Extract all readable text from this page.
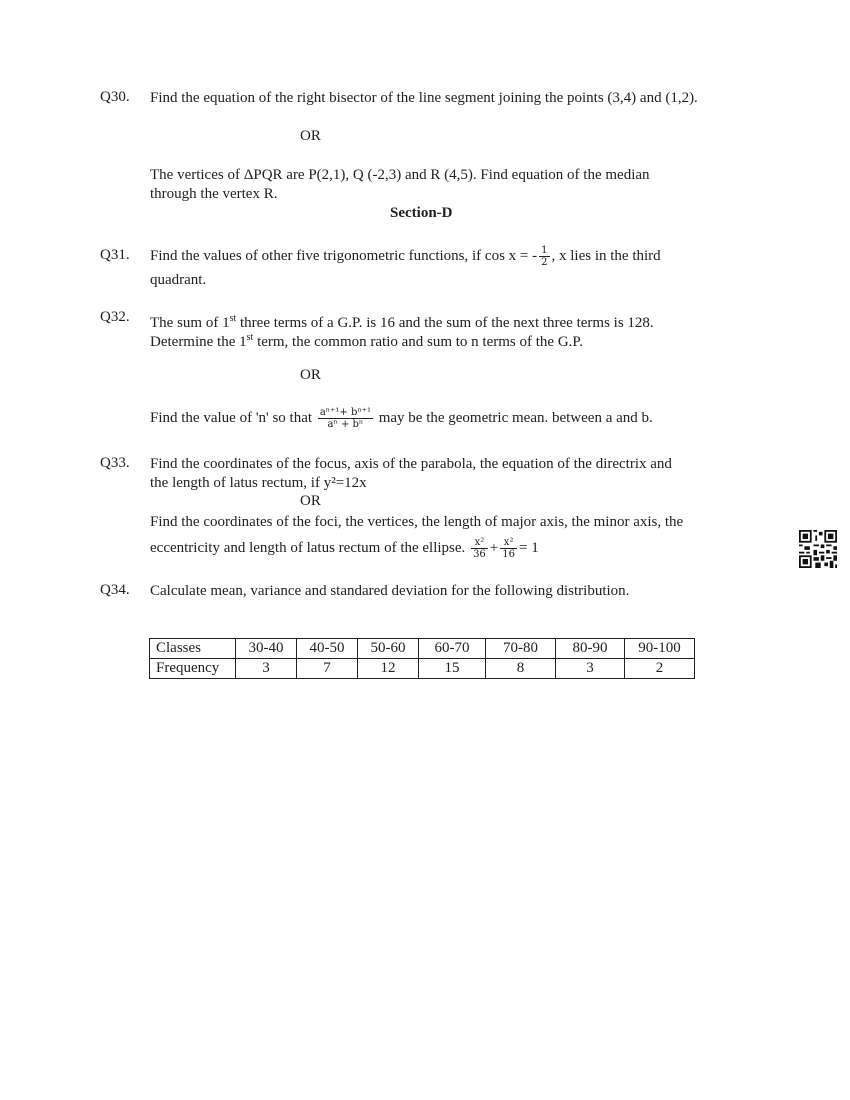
Q30. Find the equation of the right bisector of the line segment joining the points (3,4) and (1,2).
OR
The vertices of ΔPQR are P(2,1), Q (-2,3) and R (4,5). Find equation of the median
through the vertex R.
Section-D
Q31. Find the values of other five trigonometric functions, if cos x = - $\frac{1}{2}$ , x lies in the third
quadrant.
Q32. The sum of 1st three terms of a G.P. is 16 and the sum of the next three terms is 128.
Determine the 1st term, the common ratio and sum to n terms of the G.P.
OR
Find the value of 'n' so that $\frac{\text{aⁿ⁺¹+ bⁿ⁺¹}}{\text{aⁿ + bⁿ}}$ may be the geometric mean. between a and b.
Q33. Find the coordinates of the focus, axis of the parabola, the equation of the directrix and
the length of latus rectum, if y²=12x
OR
Find the coordinates of the foci, the vertices, the length of major axis, the minor axis, the
eccentricity and length of latus rectum of the ellipse. $\frac{\text{x²}}{36} + \frac{\text{x²}}{16} = 1$
Q34. Calculate mean, variance and standared deviation for the following distribution.
Classes	30-40	40-50	50-60	60-70	70-80	80-90	90-100
Frequency	3	7	12	15	8	3	2
